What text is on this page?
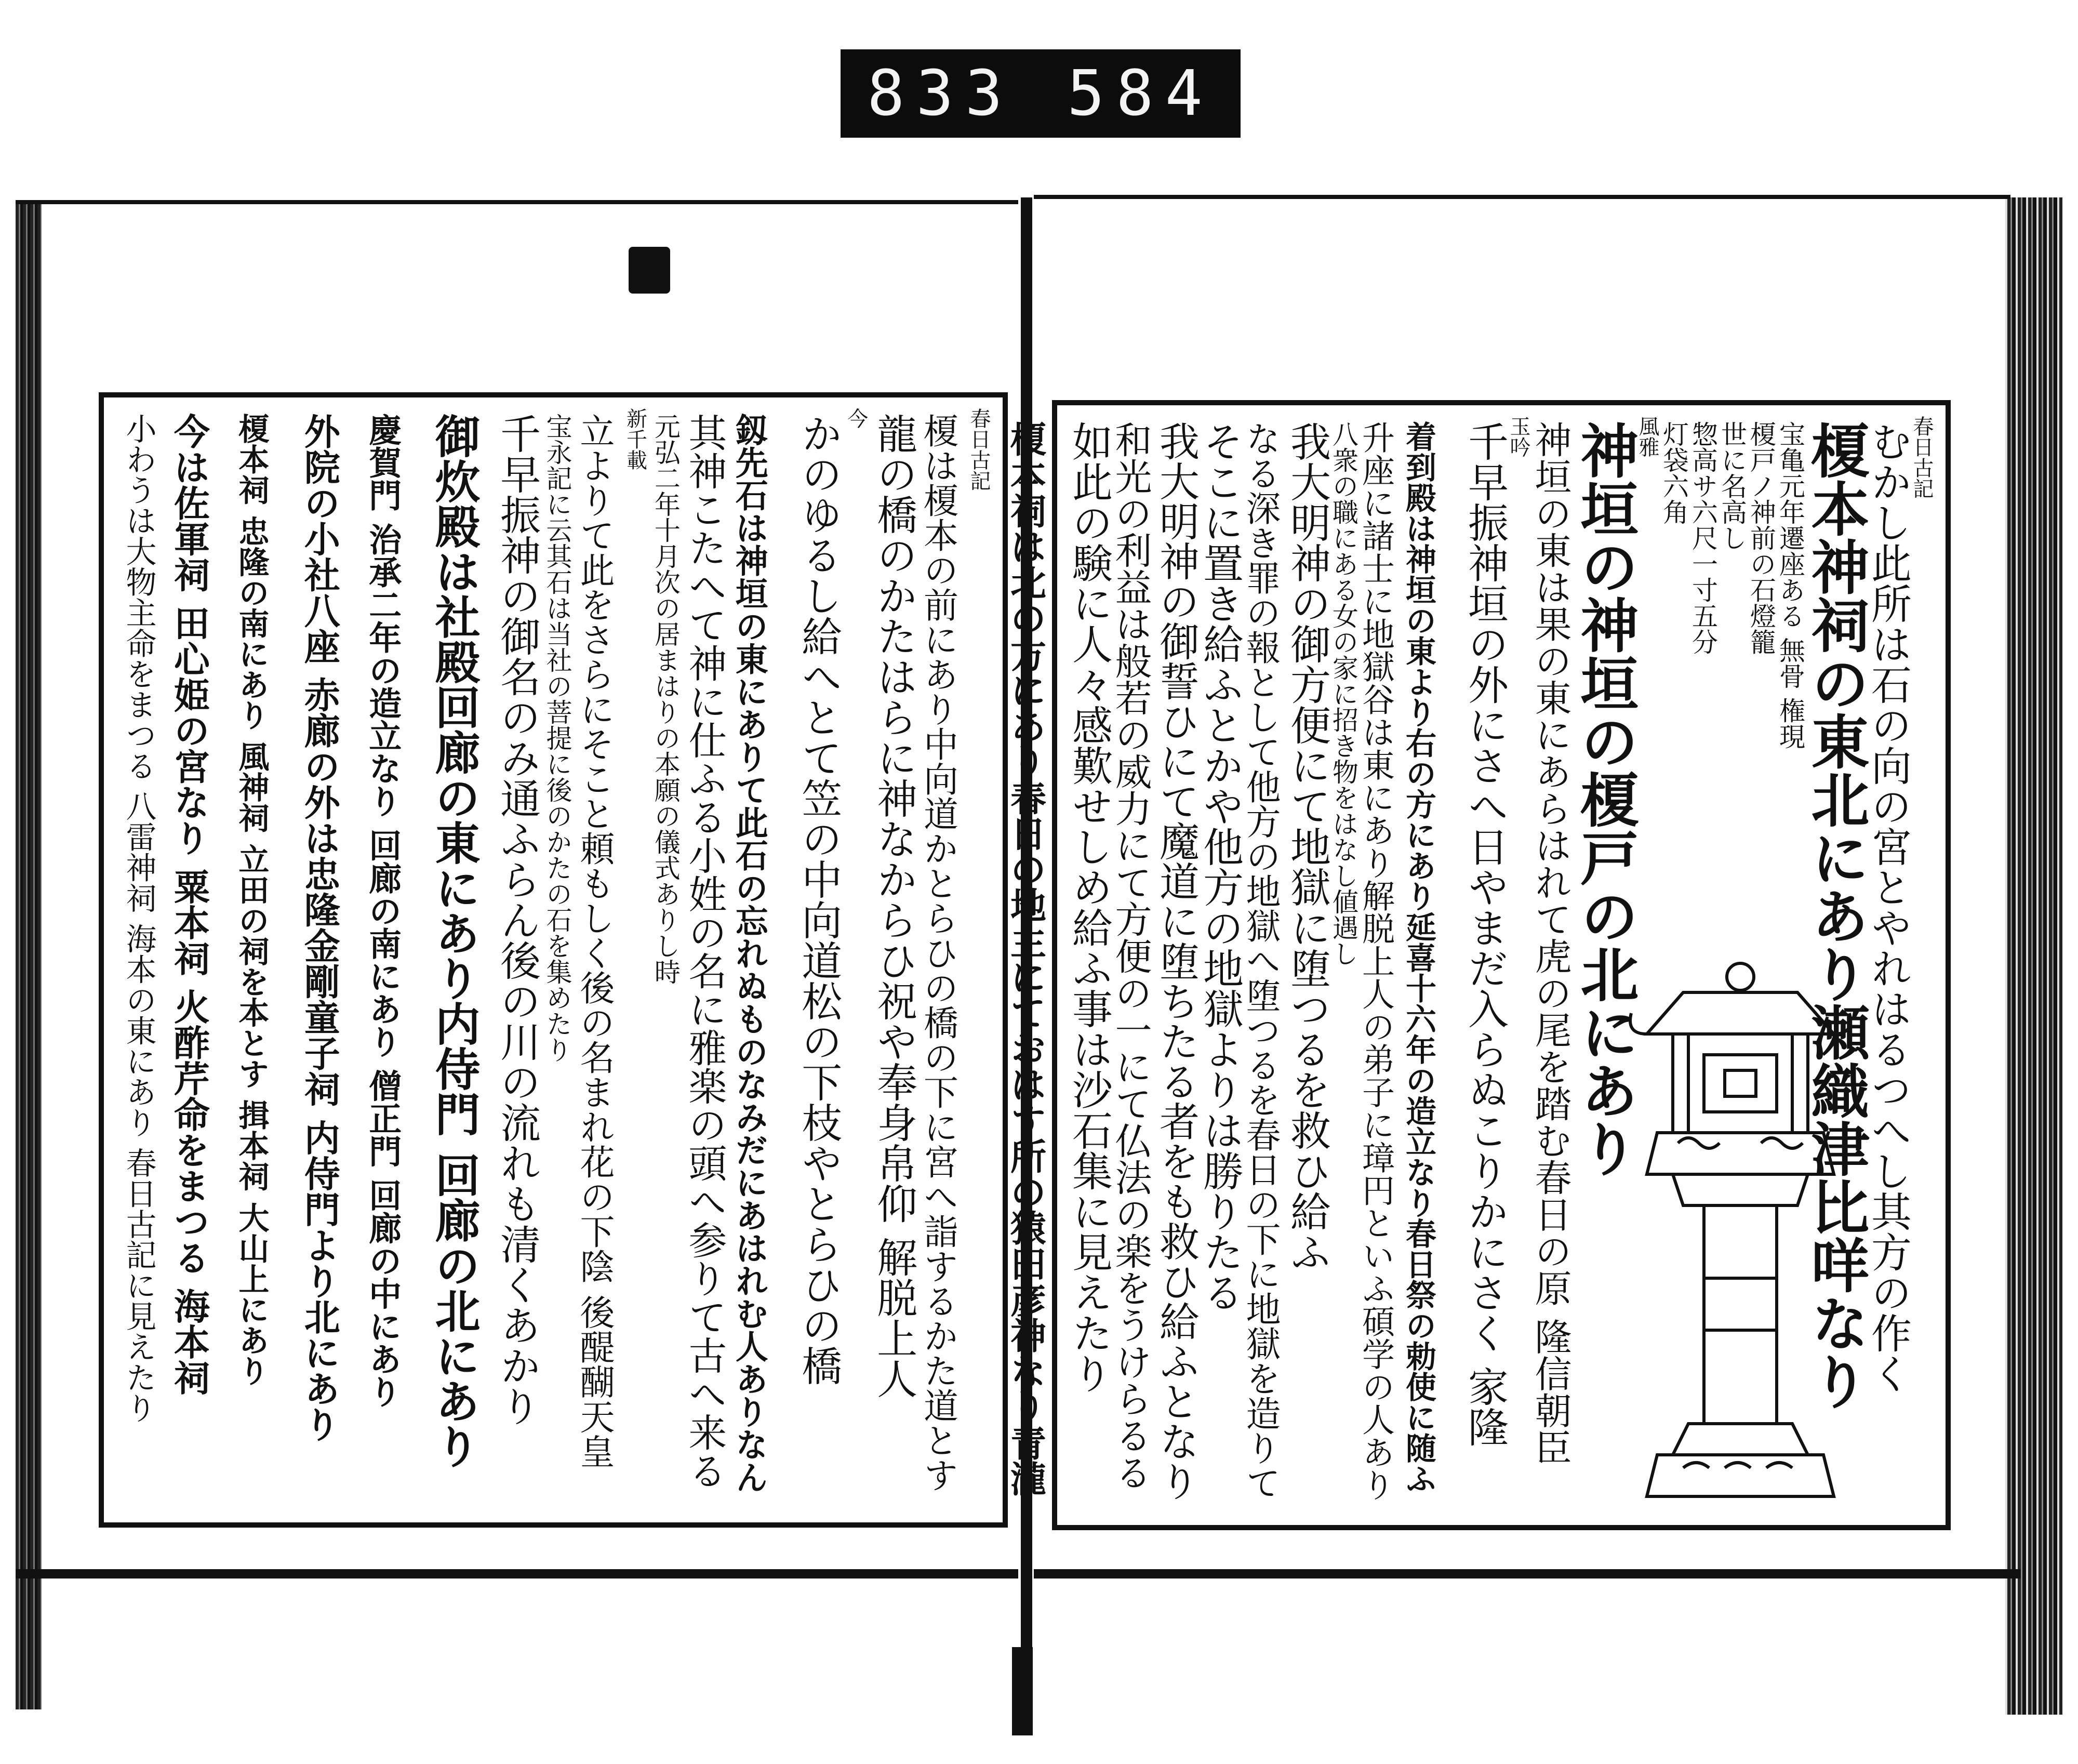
833 584
春日古記
むかし此所は石の向の宮とやれはるつへし其方の作く
榎本神祠の東北にあり瀬織津比咩なり
宝亀元年遷座ある 無骨 権現
榎戸ノ神前の石燈籠
世に名高し
惣高サ六尺一寸五分
灯袋六角
風雅
神垣の神垣の榎戸の北にあり
神垣の東は果の東にあらはれて虎の尾を踏む春日の原 隆信朝臣
玉吟
千早振神垣の外にさへ日やまだ入らぬこりかにさく 家隆
着到殿は神垣の東より右の方にあり延喜十六年の造立なり春日祭の勅使に随ふ
升座に諸士に地獄谷は東にあり解脱上人の弟子に璋円といふ碩学の人あり
八衆の職にある女の家に招き物をはなし値遇し
我大明神の御方便にて地獄に堕つるを救ひ給ふ
なる深き罪の報として他方の地獄へ堕つるを春日の下に地獄を造りて
そこに置き給ふとかや他方の地獄よりは勝りたる
我大明神の御誓ひにて魔道に堕ちたる者をも救ひ給ふとなり
和光の利益は般若の威力にて方便の一にて仏法の楽をうけらるる
如此の験に人々感歎せしめ給ふ事は沙石集に見えたり
榎本祠は北の方にあり春日の地主にておはす所の猿田彦神なり青瀧
春日古記
榎は榎本の前にあり中向道かとらひの橋の下に宮へ詣するかた道とす
龍の橋のかたはらに神なからひ祝や奉身帛仰 解脱上人
今
かのゆるし給へとて笠の中向道松の下枝やとらひの橋
釼先石は神垣の東にありて此石の忘れぬものなみだにあはれむ人ありなん
其神こたへて神に仕ふる小姓の名に雅楽の頭へ参りて古へ来る
元弘二年十月次の居まはりの本願の儀式ありし時
新千載
立よりて此をさらにそこと頼もしく後の名まれ花の下陰 後醍醐天皇
宝永記に云其石は当社の菩提に後のかたの石を集めたり
千早振神の御名のみ通ふらん後の川の流れも清くあかり
御炊殿は社殿回廊の東にあり内侍門 回廊の北にあり
慶賀門 治承二年の造立なり 回廊の南にあり 僧正門 回廊の中にあり
外院の小社八座 赤廊の外は忠隆金剛童子祠 内侍門より北にあり
榎本祠 忠隆の南にあり 風神祠 立田の祠を本とす 揖本祠 大山上にあり
今は佐軍祠 田心姫の宮なり 粟本祠 火酢芹命をまつる 海本祠
小わうは大物主命をまつる 八雷神祠 海本の東にあり 春日古記に見えたり
